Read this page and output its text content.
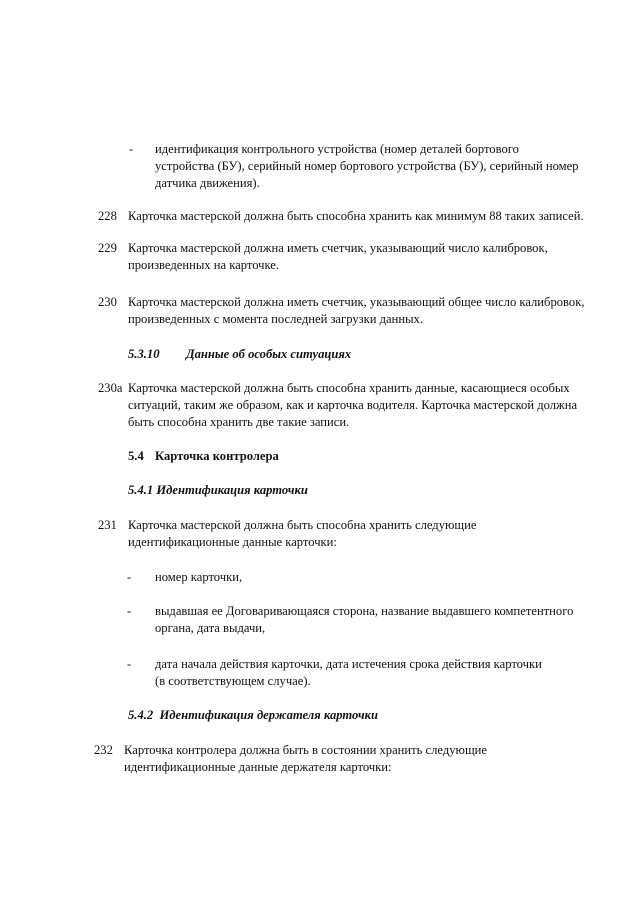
- идентификация контрольного устройства (номер деталей бортового
устройства (БУ), серийный номер бортового устройства (БУ), серийный номер
датчика движения).
228 Карточка мастерской должна быть способна хранить как минимум 88 таких записей.
229 Карточка мастерской должна иметь счетчик, указывающий число калибровок,
произведенных на карточке.
230 Карточка мастерской должна иметь счетчик, указывающий общее число калибровок,
произведенных с момента последней загрузки данных.
5.3.10 Данные об особых ситуациях
230a Карточка мастерской должна быть способна хранить данные, касающиеся особых
ситуаций, таким же образом, как и карточка водителя. Карточка мастерской должна
быть способна хранить две такие записи.
5.4 Карточка контролера
5.4.1 Идентификация карточки
231 Карточка мастерской должна быть способна хранить следующие
идентификационные данные карточки:
- номер карточки,
- выдавшая ее Договаривающаяся сторона, название выдавшего компетентного
органа, дата выдачи,
- дата начала действия карточки, дата истечения срока действия карточки
(в соответствующем случае).
5.4.2  Идентификация держателя карточки
232 Карточка контролера должна быть в состоянии хранить следующие
идентификационные данные держателя карточки:
